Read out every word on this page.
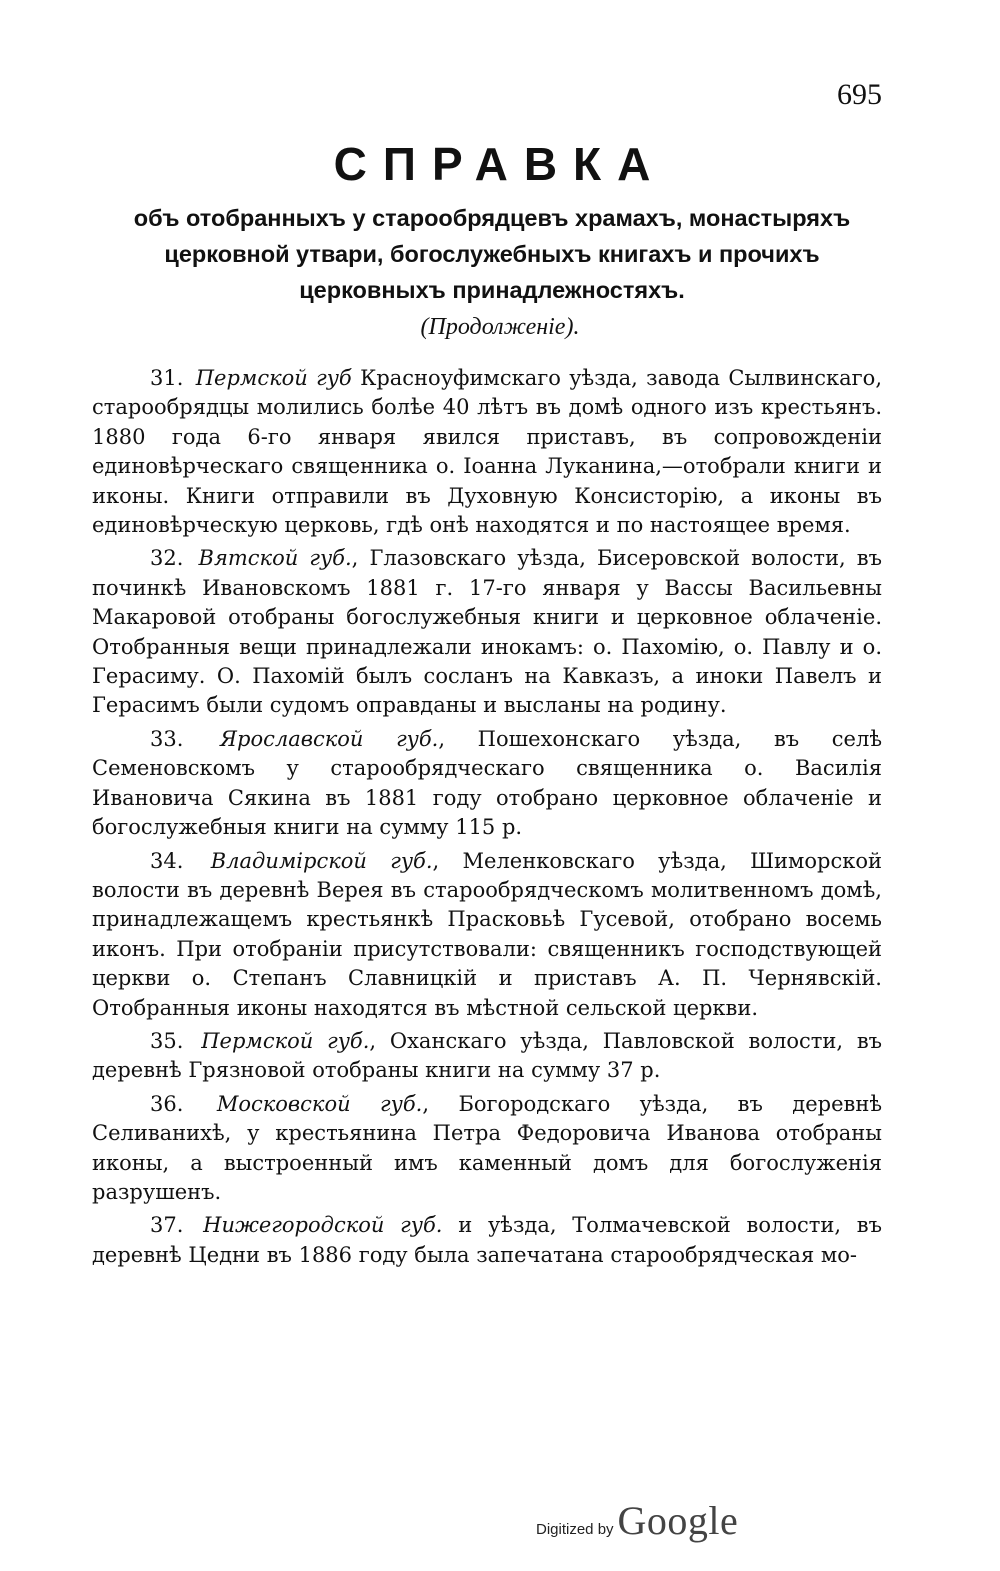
695
СПРАВКА

объ отобранныхъ у старообрядцевъ храмахъ, монастыряхъ церковной утвари, богослужебныхъ книгахъ и прочихъ церковныхъ принадлежностяхъ.

(Продолженіе).

31. Пермской губ Красноуфимскаго уѣзда, завода Сылвинскаго, старообрядцы молились болѣе 40 лѣтъ въ домѣ одного изъ крестьянъ. 1880 года 6-го января явился приставъ, въ сопровожденіи единовѣрческаго священника о. Іоанна Луканина,—отобрали книги и иконы. Книги отправили въ Духовную Консисторію, а иконы въ единовѣрческую церковь, гдѣ онѣ находятся и по настоящее время.

32. Вятской губ., Глазовскаго уѣзда, Бисеровской волости, въ починкѣ Ивановскомъ 1881 г. 17-го января у Вассы Васильевны Макаровой отобраны богослужебныя книги и церковное облаченіе. Отобранныя вещи принадлежали инокамъ: о. Пахомію, о. Павлу и о. Герасиму. О. Пахомій былъ сосланъ на Кавказъ, а иноки Павелъ и Герасимъ были судомъ оправданы и высланы на родину.

33. Ярославской губ., Пошехонскаго уѣзда, въ селѣ Семеновскомъ у старообрядческаго священника о. Василія Ивановича Сякина въ 1881 году отобрано церковное облаченіе и богослужебныя книги на сумму 115 р.

34. Владимірской губ., Меленковскаго уѣзда, Шиморской волости въ деревнѣ Верея въ старообрядческомъ молитвенномъ домѣ, принадлежащемъ крестьянкѣ Прасковьѣ Гусевой, отобрано восемь иконъ. При отобраніи присутствовали: священникъ господствующей церкви о. Степанъ Славницкій и приставъ А. П. Чернявскій. Отобранныя иконы находятся въ мѣстной сельской церкви.

35. Пермской губ., Оханскаго уѣзда, Павловской волости, въ деревнѣ Грязновой отобраны книги на сумму 37 р.

36. Московской губ., Богородскаго уѣзда, въ деревнѣ Селиванихѣ, у крестьянина Петра Федоровича Иванова отобраны иконы, а выстроенный имъ каменный домъ для богослуженія разрушенъ.

37. Нижегородской губ. и уѣзда, Толмачевской волости, въ деревнѣ Цедни въ 1886 году была запечатана старообрядческая мо-

Digitized by Google
